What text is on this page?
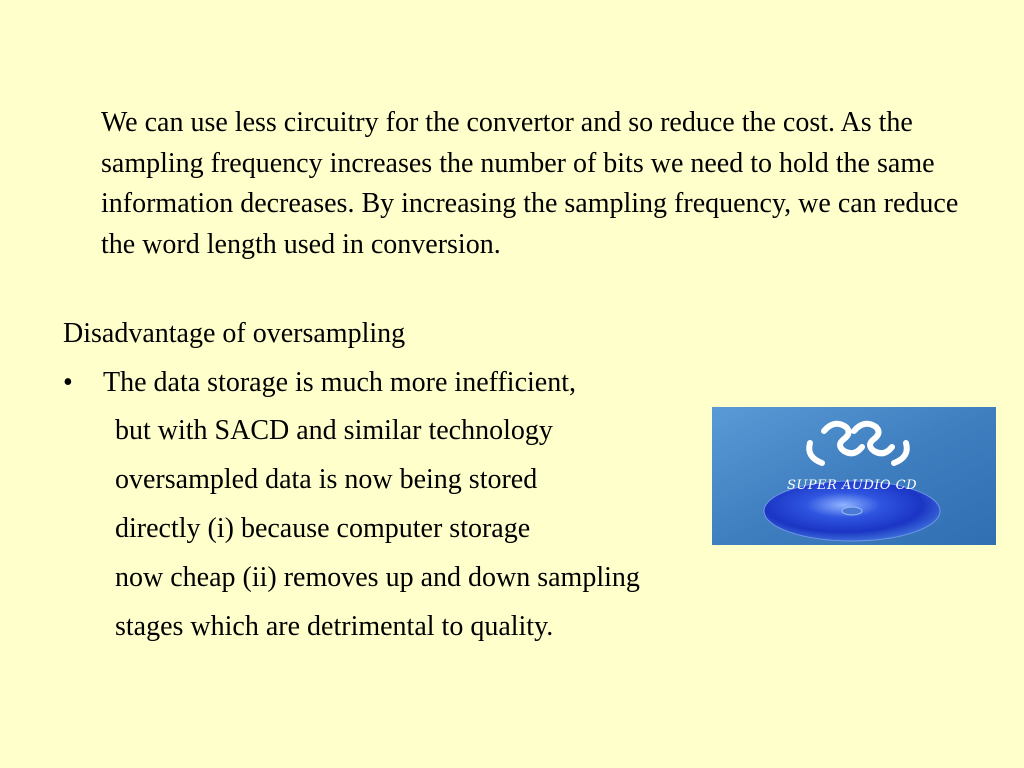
We can use less circuitry for the convertor and so reduce the cost. As the sampling frequency increases the number of bits we need to hold the same information decreases. By increasing the sampling frequency, we can reduce the word length used in conversion.

Disadvantage of oversampling

•	The data storage is much more inefficient,
but with SACD and similar technology
oversampled data is now being stored
directly (i) because computer storage
now cheap (ii) removes up and down sampling
stages which are detrimental to quality.
SUPER AUDIO CD
